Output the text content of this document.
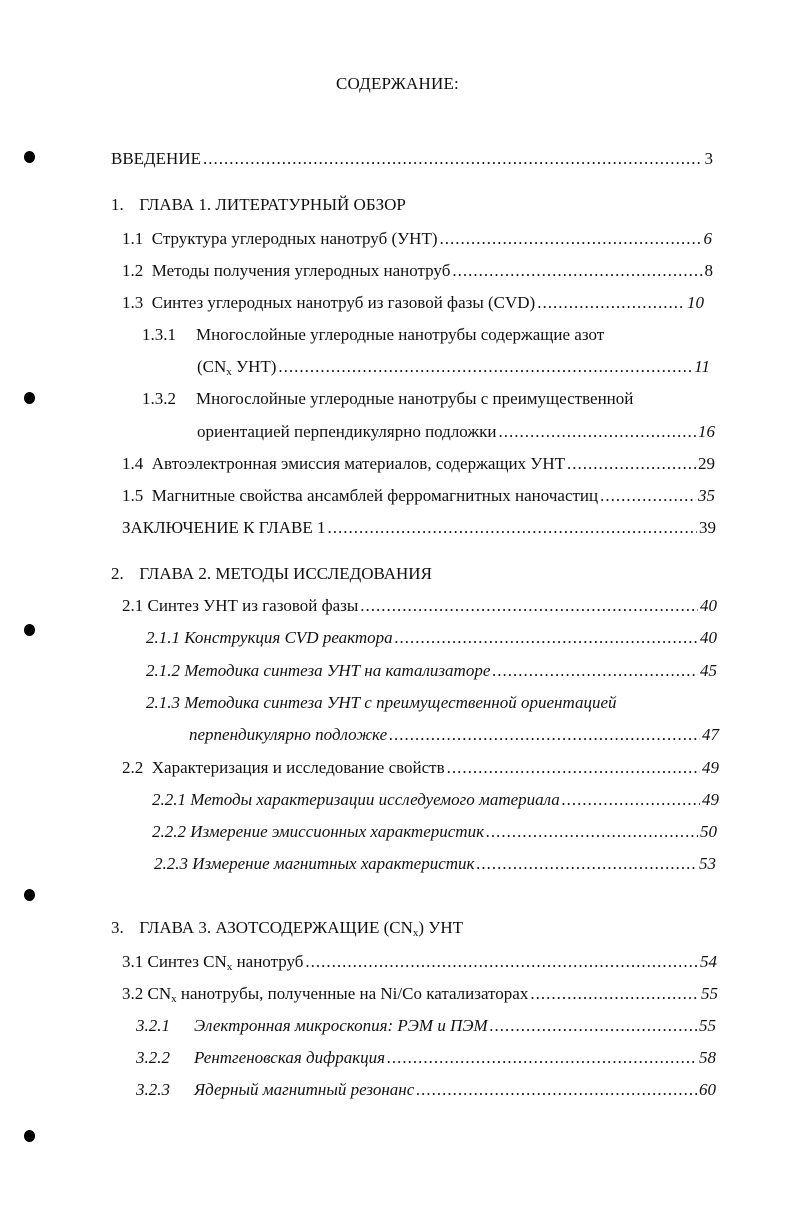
СОДЕРЖАНИЕ:
ВВЕДЕНИЕ .....	3
1. ГЛАВА 1. ЛИТЕРАТУРНЫЙ ОБЗОР
1.1 Структура углеродных нанотруб (УНТ) .....	6
1.2 Методы получения углеродных нанотруб .....	8
1.3 Синтез углеродных нанотруб из газовой фазы (CVD) .....	10
1.3.1 Многослойные углеродные нанотрубы содержащие азот
($CN_x$ УНТ) .....	11
1.3.2 Многослойные углеродные нанотрубы с преимущественной
ориентацией перпендикулярно подложки .....	16
1.4 Автоэлектронная эмиссия материалов, содержащих УНТ .....	29
1.5 Магнитные свойства ансамблей ферромагнитных наночастиц .....	35
ЗАКЛЮЧЕНИЕ К ГЛАВЕ 1 .....	39
2. ГЛАВА 2. МЕТОДЫ ИССЛЕДОВАНИЯ
2.1 Синтез УНТ из газовой фазы .....	40
2.1.1 Конструкция CVD реактора .....	40
2.1.2 Методика синтеза УНТ на катализаторе .....	45
2.1.3 Методика синтеза УНТ с преимущественной ориентацией
перпендикулярно подложке .....	47
2.2 Характеризация и исследование свойств .....	49
2.2.1 Методы характеризации исследуемого материала .....	49
2.2.2 Измерение эмиссионных характеристик .....	50
2.2.3 Измерение магнитных характеристик .....	53
3. ГЛАВА 3. АЗОТСОДЕРЖАЩИЕ $(CN_x)$ УНТ
3.1 Синтез $CN_x$ нанотруб .....	54
3.2 $CN_x$ нанотрубы, полученные на Ni/Co катализаторах .....	55
3.2.1 Электронная микроскопия: РЭМ и ПЭМ .....	55
3.2.2 Рентгеновская дифракция .....	58
3.2.3 Ядерный магнитный резонанс .....	60
